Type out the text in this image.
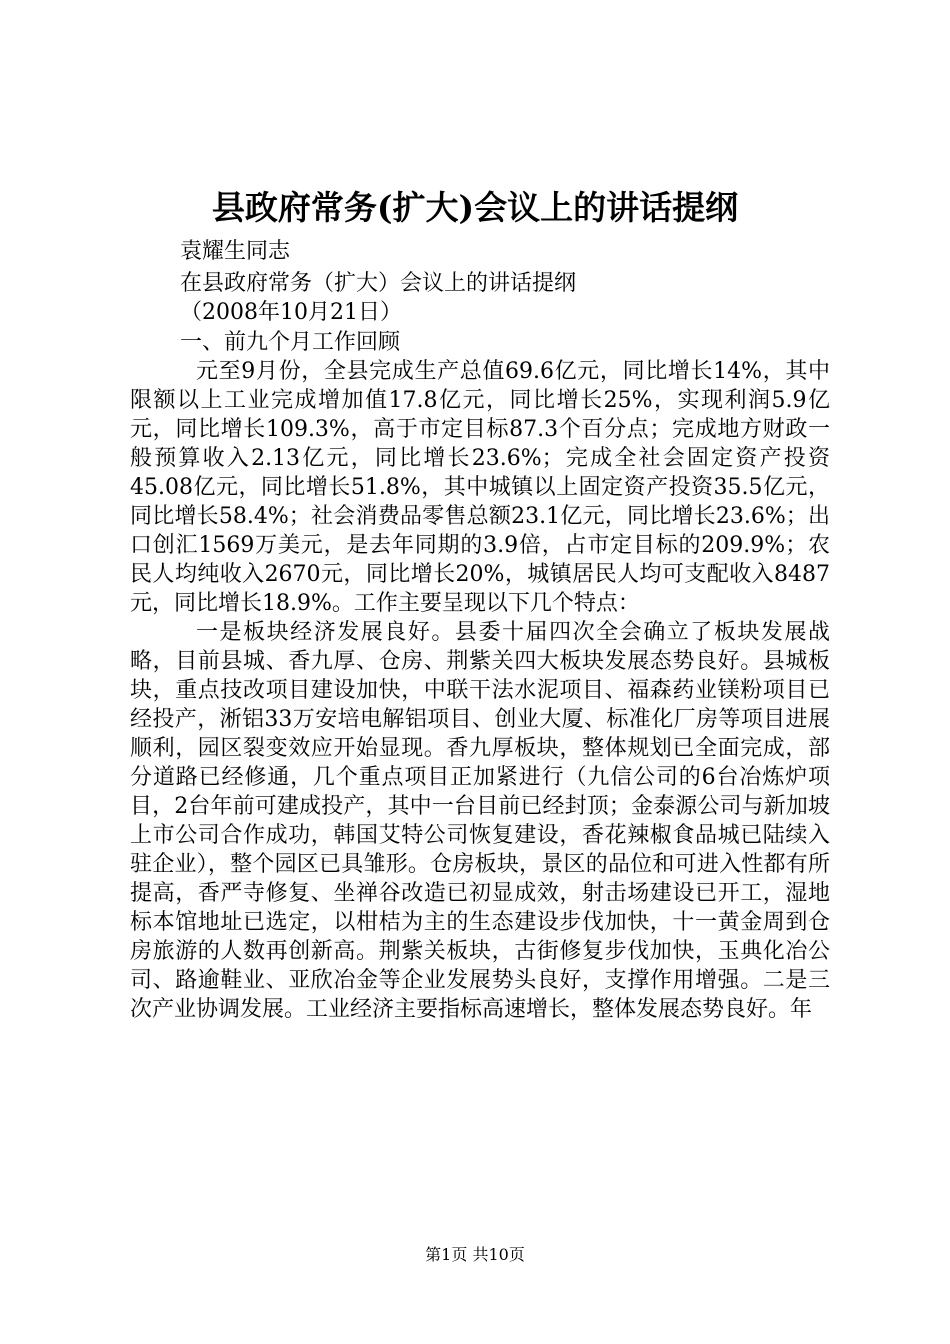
县政府常务(扩大)会议上的讲话提纲
袁耀生同志
在县政府常务（扩大）会议上的讲话提纲
（2008年10月21日）
一、前九个月工作回顾

元至9月份，全县完成生产总值69.6亿元，同比增长14%，其中限额以上工业完成增加值17.8亿元，同比增长25%，实现利润5.9亿元，同比增长109.3%，高于市定目标87.3个百分点；完成地方财政一般预算收入2.13亿元，同比增长23.6%；完成全社会固定资产投资45.08亿元，同比增长51.8%，其中城镇以上固定资产投资35.5亿元，同比增长58.4%；社会消费品零售总额23.1亿元，同比增长23.6%；出口创汇1569万美元，是去年同期的3.9倍，占市定目标的209.9%；农民人均纯收入2670元，同比增长20%，城镇居民人均可支配收入8487元，同比增长18.9%。工作主要呈现以下几个特点：

一是板块经济发展良好。县委十届四次全会确立了板块发展战略，目前县城、香九厚、仓房、荆紫关四大板块发展态势良好。县城板块，重点技改项目建设加快，中联干法水泥项目、福森药业镁粉项目已经投产，淅铝33万安培电解铝项目、创业大厦、标准化厂房等项目进展顺利，园区裂变效应开始显现。香九厚板块，整体规划已全面完成，部分道路已经修通，几个重点项目正加紧进行（九信公司的6台冶炼炉项目，2台年前可建成投产，其中一台目前已经封顶；金泰源公司与新加坡上市公司合作成功，韩国艾特公司恢复建设，香花辣椒食品城已陆续入驻企业），整个园区已具雏形。仓房板块，景区的品位和可进入性都有所提高，香严寺修复、坐禅谷改造已初显成效，射击场建设已开工，湿地标本馆地址已选定，以柑桔为主的生态建设步伐加快，十一黄金周到仓房旅游的人数再创新高。荆紫关板块，古街修复步伐加快，玉典化冶公司、路逾鞋业、亚欣冶金等企业发展势头良好，支撑作用增强。二是三次产业协调发展。工业经济主要指标高速增长，整体发展态势良好。年

第1页 共10页
